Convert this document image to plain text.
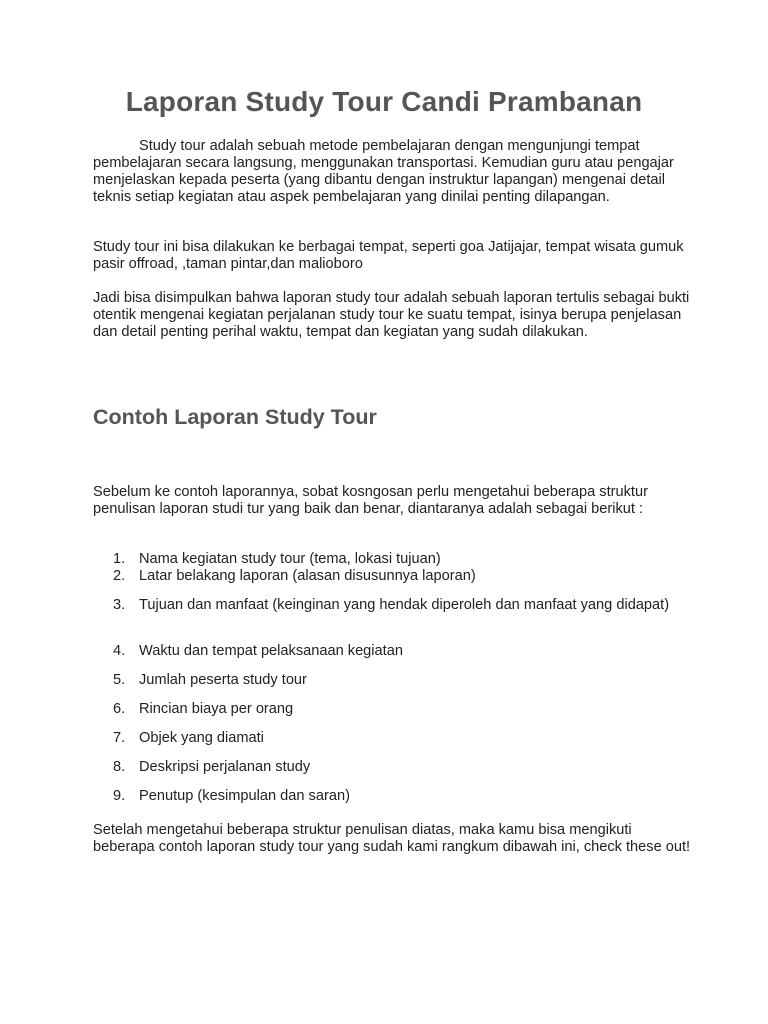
Laporan Study Tour Candi Prambanan

Study tour adalah sebuah metode pembelajaran dengan mengunjungi tempat pembelajaran secara langsung, menggunakan transportasi. Kemudian guru atau pengajar menjelaskan kepada peserta (yang dibantu dengan instruktur lapangan) mengenai detail teknis setiap kegiatan atau aspek pembelajaran yang dinilai penting dilapangan.

Study tour ini bisa dilakukan ke berbagai tempat, seperti goa Jatijajar, tempat wisata gumuk pasir offroad, ,taman pintar,dan malioboro

Jadi bisa disimpulkan bahwa laporan study tour adalah sebuah laporan tertulis sebagai bukti otentik mengenai kegiatan perjalanan study tour ke suatu tempat, isinya berupa penjelasan dan detail penting perihal waktu, tempat dan kegiatan yang sudah dilakukan.

Contoh Laporan Study Tour

Sebelum ke contoh laporannya, sobat kosngosan perlu mengetahui beberapa struktur penulisan laporan studi tur yang baik dan benar, diantaranya adalah sebagai berikut :

1. Nama kegiatan study tour (tema, lokasi tujuan)
2. Latar belakang laporan (alasan disusunnya laporan)
3. Tujuan dan manfaat (keinginan yang hendak diperoleh dan manfaat yang didapat)
4. Waktu dan tempat pelaksanaan kegiatan
5. Jumlah peserta study tour
6. Rincian biaya per orang
7. Objek yang diamati
8. Deskripsi perjalanan study
9. Penutup (kesimpulan dan saran)

Setelah mengetahui beberapa struktur penulisan diatas, maka kamu bisa mengikuti beberapa contoh laporan study tour yang sudah kami rangkum dibawah ini, check these out!
